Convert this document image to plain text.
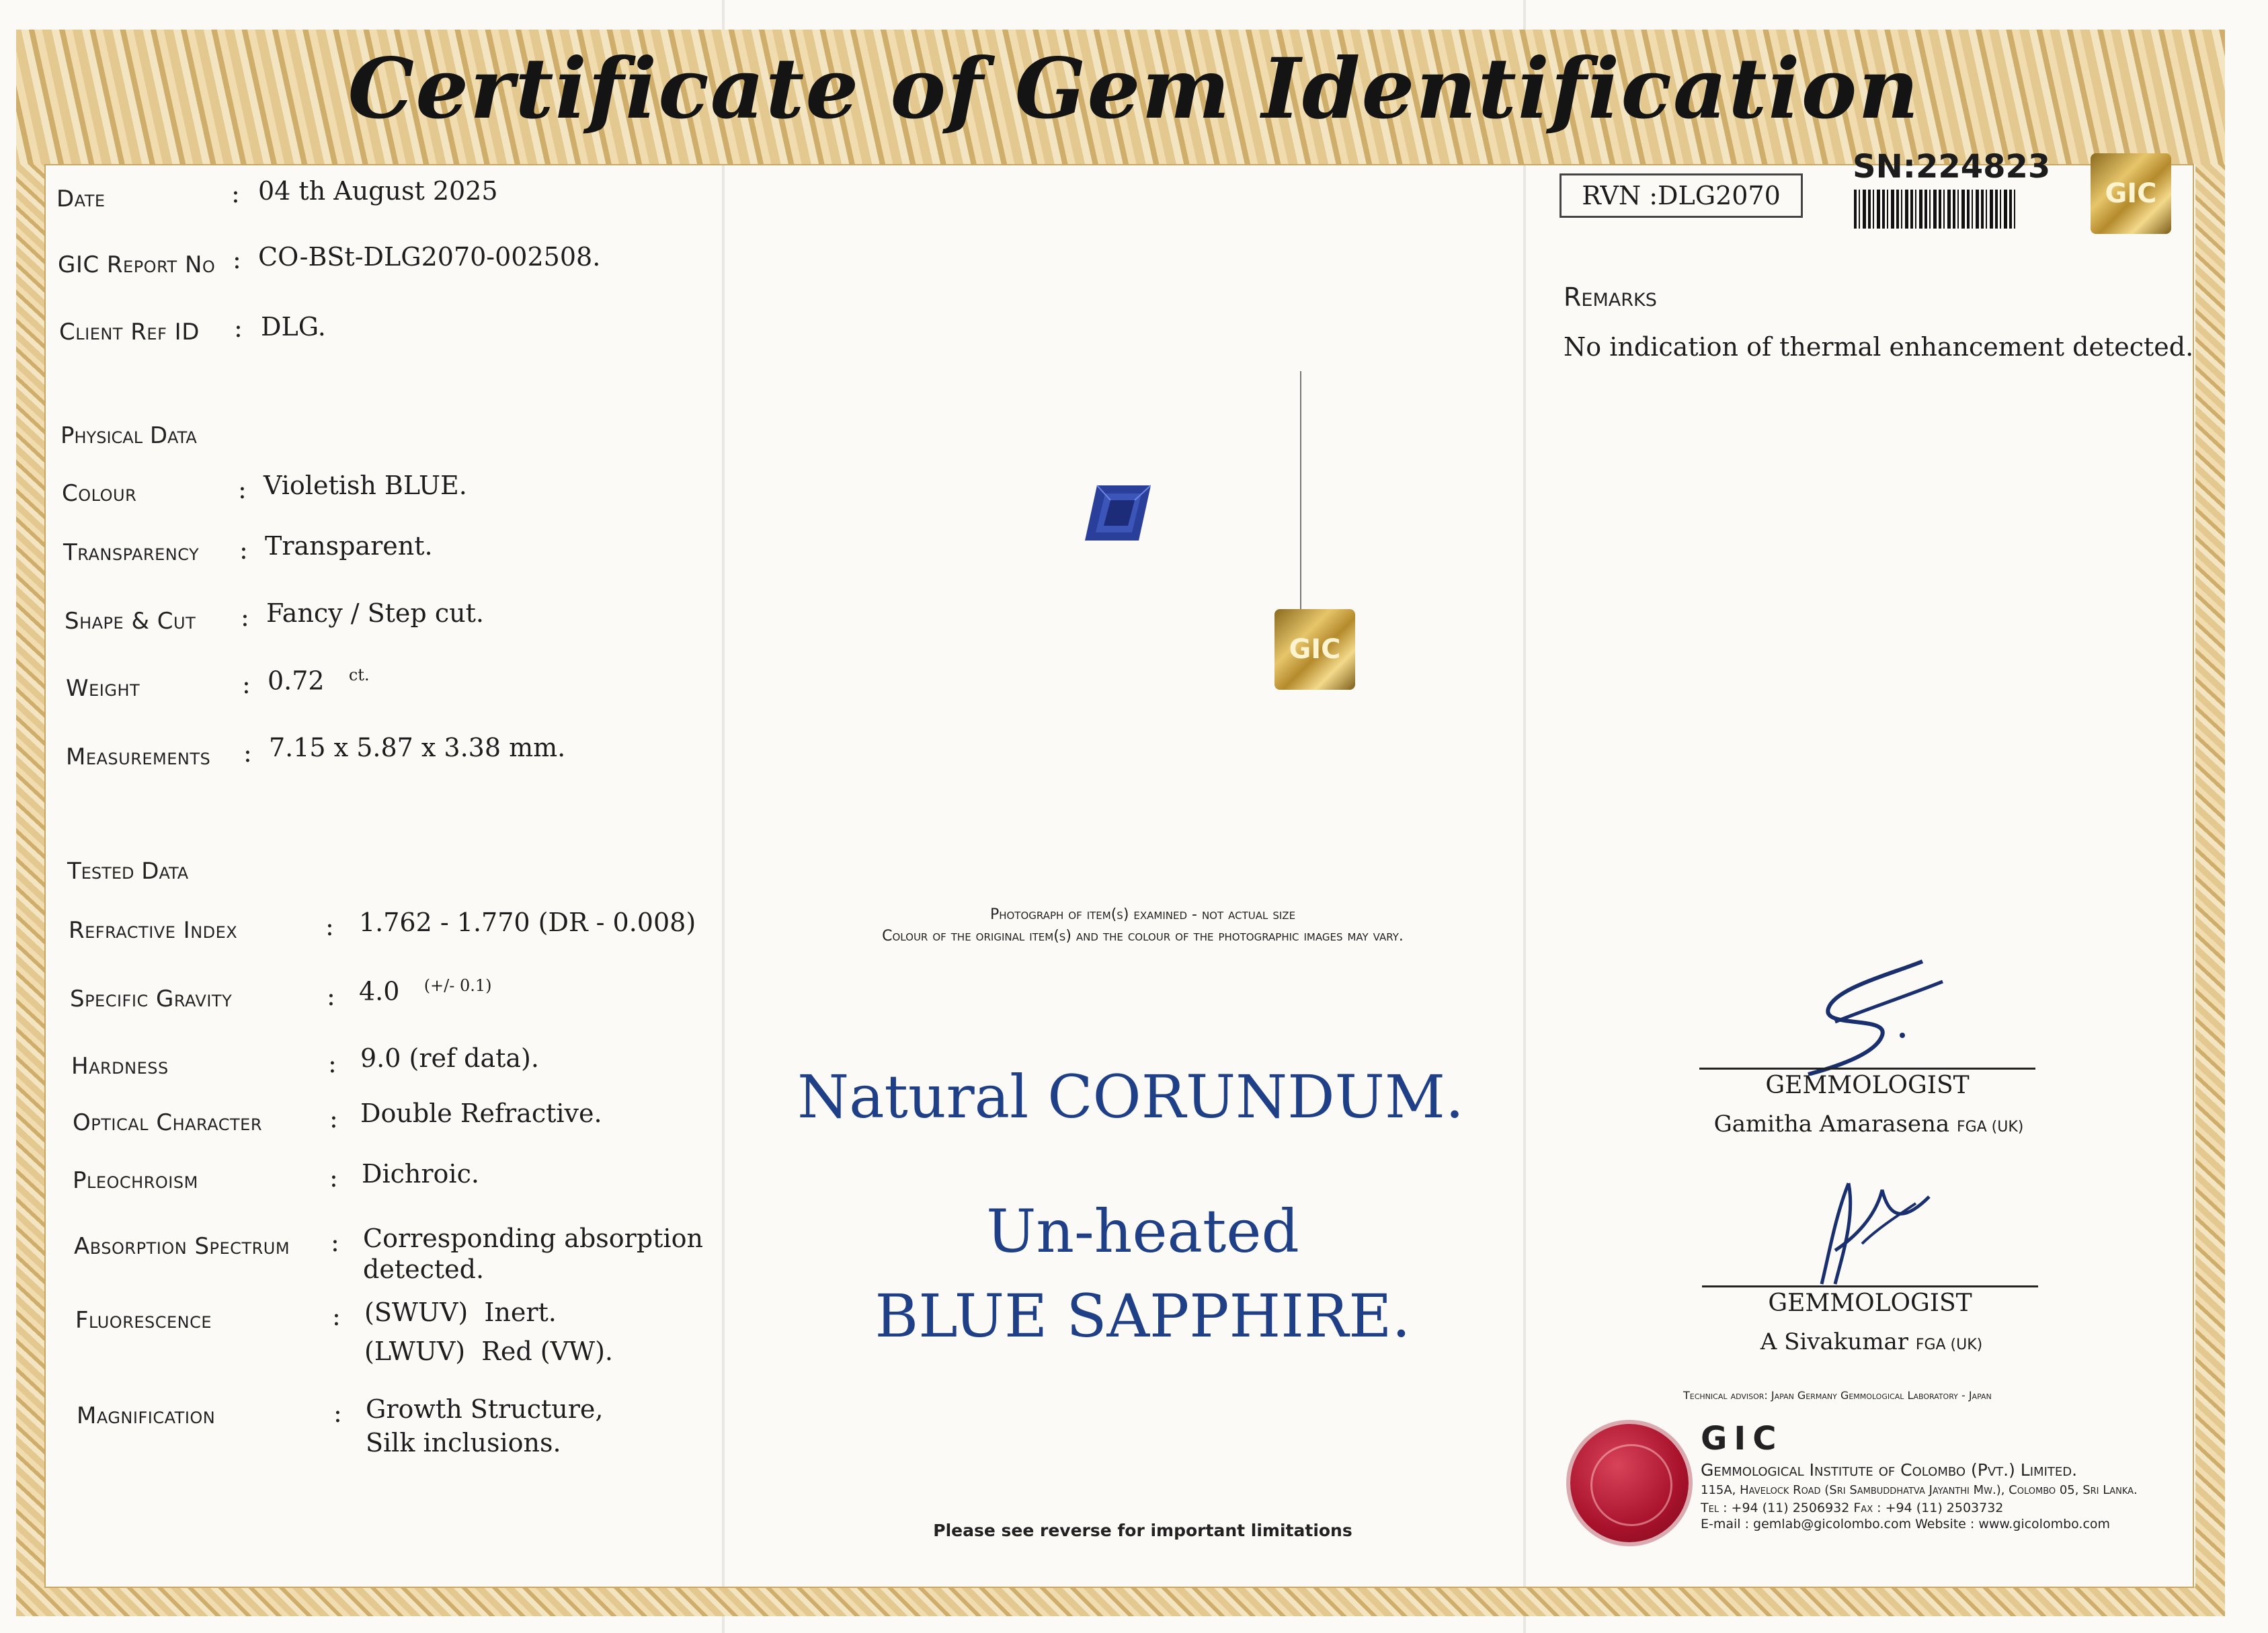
Certificate of Gem Identification
Date	: 04 th August 2025
GIC Report No : CO-BSt-DLG2070-002508.
Client Ref ID : DLG.
Physical Data
Colour	: Violetish BLUE.
Transparency : Transparent.
Shape & Cut : Fancy / Step cut.
Weight	: 0.72 $^{ct.}$
Measurements : 7.15 x 5.87 x 3.38 mm.
Tested Data
Refractive Index	: 1.762 - 1.770 (DR - 0.008)
Specific Gravity	: 4.0 $^{(+/- 0.1)}$
Hardness	: 9.0 (ref data).
Optical Character	: Double Refractive.
Pleochroism	: Dichroic.
Absorption Spectrum : Corresponding absorption
detected.
Fluorescence	: (SWUV) Inert.
(LWUV) Red (VW).
Magnification	: Growth Structure,
Silk inclusions.
GIC
Photograph of item(s) examined - not actual size
Colour of the original item(s) and the colour of the photographic images may vary.
Natural CORUNDUM.
Un-heated
BLUE SAPPHIRE.
Please see reverse for important limitations
RVN :DLG2070
SN:224823
GIC
Remarks
No indication of thermal enhancement detected.
GEMMOLOGIST
Gamitha Amarasena FGA (UK)
GEMMOLOGIST
A Sivakumar FGA (UK)
Technical advisor: Japan Germany Gemmological Laboratory - Japan
GIC
Gemmological Institute of Colombo (Pvt.) Limited.
115A, Havelock Road (Sri Sambuddhatva Jayanthi Mw.), Colombo 05, Sri Lanka.
Tel : +94 (11) 2506932 Fax : +94 (11) 2503732
E-mail : gemlab@gicolombo.com Website : www.gicolombo.com
